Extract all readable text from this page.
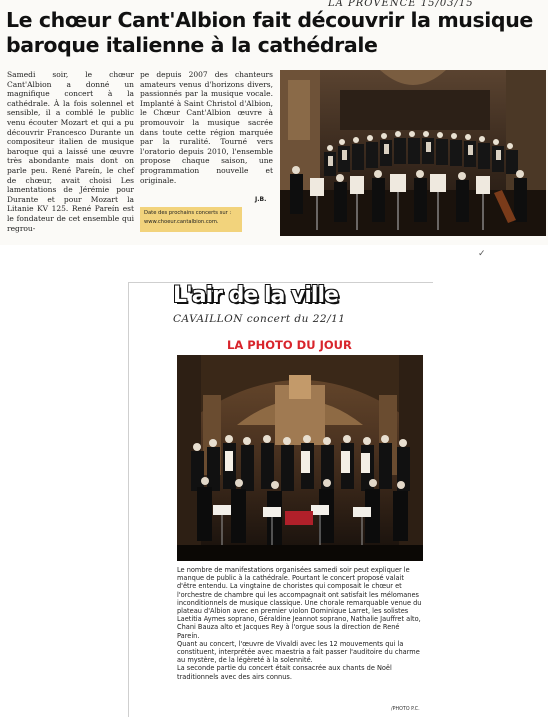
LA PROVENCE 15/03/15
Le chœur Cant'Albion fait découvrir la musique baroque italienne à la cathédrale
Samedi soir, le chœur Cant'Albion a donné un magnifique concert à la cathédrale. À la fois solennel et sensible, il a comblé le public venu écouter Mozart et qui a pu découvrir Francesco Durante un compositeur italien de musique baroque qui a laissé une œuvre très abondante mais dont on parle peu. René Pareín, le chef de chœur, avait choisi Les lamentations de Jérémie pour Durante et pour Mozart la Litanie KV 125. René Pareín est le fondateur de cet ensemble qui regrou-
pe depuis 2007 des chanteurs amateurs venus d'horizons divers, passionnés par la musique vocale. Implanté à Saint Christol d'Albion, le Chœur Cant'Albion œuvre à promouvoir la musique sacrée dans toute cette région marquée par la ruralité. Tourné vers l'oratorio depuis 2010, l'ensemble propose chaque saison, une programmation nouvelle et originale.
J.B.
Date des prochains concerts sur :
www.choeur.cantalbion.com.
✓
L'air de la ville
CAVAILLON concert du 22/11
LA PHOTO DU JOUR

Le nombre de manifestations organisées samedi soir peut expliquer le manque de public à la cathédrale. Pourtant le concert proposé valait d'être entendu. La vingtaine de choristes qui composait le chœur et l'orchestre de chambre qui les accompagnait ont satisfait les mélomanes inconditionnels de musique classique. Une chorale remarquable venue du plateau d'Albion avec en premier violon Dominique Larret, les solistes Laetitia Aymes soprano, Géraldine Jeannot soprano, Nathalie Jauffret alto, Chani Bauza alto et Jacques Rey à l'orgue sous la direction de René Pareín.

Quant au concert, l'œuvre de Vivaldi avec les 12 mouvements qui la constituent, interprétée avec maestria a fait passer l'auditoire du charme au mystère, de la légèreté à la solennité.

La seconde partie du concert était consacrée aux chants de Noël traditionnels avec des airs connus.

/PHOTO P.C.
